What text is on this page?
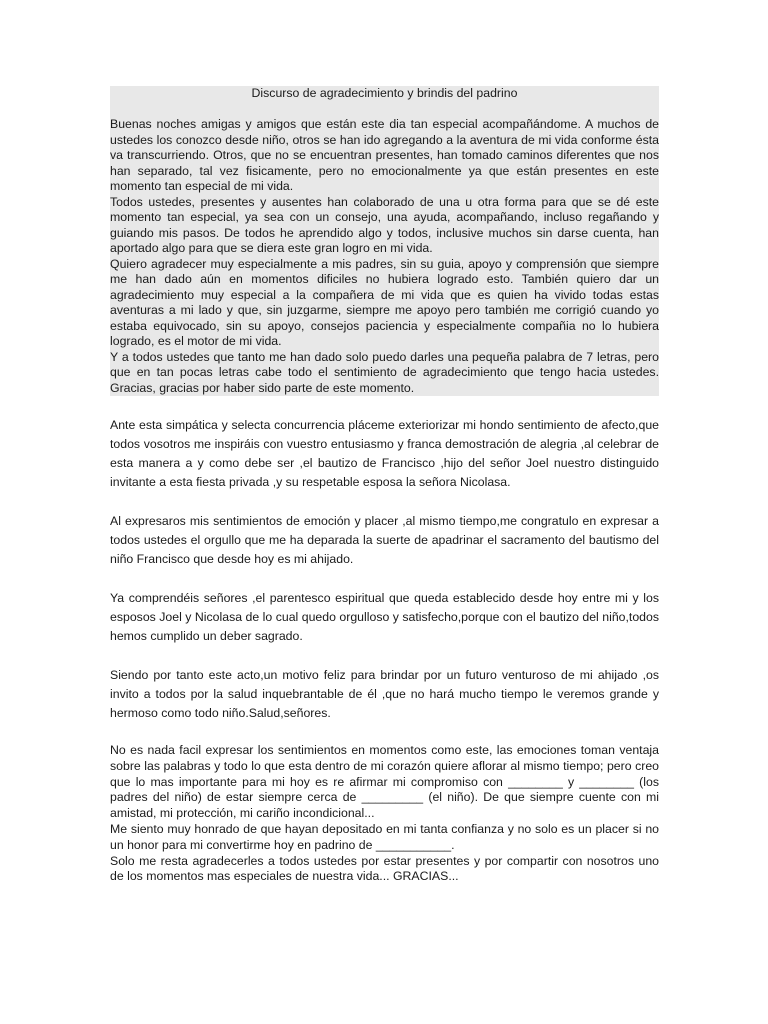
Discurso de agradecimiento y brindis del padrino

Buenas noches amigas y amigos que están este dia tan especial acompañándome. A muchos de ustedes los conozco desde niño, otros se han ido agregando a la aventura de mi vida conforme ésta va transcurriendo. Otros, que no se encuentran presentes, han tomado caminos diferentes que nos han separado, tal vez fisicamente, pero no emocionalmente ya que están presentes en este momento tan especial de mi vida.

Todos ustedes, presentes y ausentes han colaborado de una u otra forma para que se dé este momento tan especial, ya sea con un consejo, una ayuda, acompañando, incluso regañando y guiando mis pasos. De todos he aprendido algo y todos, inclusive muchos sin darse cuenta, han aportado algo para que se diera este gran logro en mi vida.

Quiero agradecer muy especialmente a mis padres, sin su guia, apoyo y comprensión que siempre me han dado aún en momentos dificiles no hubiera logrado esto. También quiero dar un agradecimiento muy especial a la compañera de mi vida que es quien ha vivido todas estas aventuras a mi lado y que, sin juzgarme, siempre me apoyo pero también me corrigió cuando yo estaba equivocado, sin su apoyo, consejos paciencia y especialmente compañia no lo hubiera logrado, es el motor de mi vida.

Y a todos ustedes que tanto me han dado solo puedo darles una pequeña palabra de 7 letras, pero que en tan pocas letras cabe todo el sentimiento de agradecimiento que tengo hacia ustedes. Gracias, gracias por haber sido parte de este momento.

Ante esta simpática y selecta concurrencia pláceme exteriorizar mi hondo sentimiento de afecto,que todos vosotros me inspiráis con vuestro entusiasmo y franca demostración de alegria ,al celebrar de esta manera a y como debe ser ,el bautizo de Francisco ,hijo del señor Joel nuestro distinguido invitante a esta fiesta privada ,y su respetable esposa la señora Nicolasa.

Al expresaros mis sentimientos de emoción y placer ,al mismo tiempo,me congratulo en expresar a todos ustedes el orgullo que me ha deparada la suerte de apadrinar el sacramento del bautismo del niño Francisco que desde hoy es mi ahijado.

Ya comprendéis señores ,el parentesco espiritual que queda establecido desde hoy entre mi y los esposos Joel y Nicolasa de lo cual quedo orgulloso y satisfecho,porque con el bautizo del niño,todos hemos cumplido un deber sagrado.

Siendo por tanto este acto,un motivo feliz para brindar por un futuro venturoso de mi ahijado ,os invito a todos por la salud inquebrantable de él ,que no hará mucho tiempo le veremos grande y hermoso como todo niño.Salud,señores.

No es nada facil expresar los sentimientos en momentos como este, las emociones toman ventaja sobre las palabras y todo lo que esta dentro de mi corazón quiere aflorar al mismo tiempo; pero creo que lo mas importante para mi hoy es re afirmar mi compromiso con ________ y ________ (los padres del niño) de estar siempre cerca de _________ (el niño). De que siempre cuente con mi amistad, mi protección, mi cariño incondicional...

Me siento muy honrado de que hayan depositado en mi tanta confianza y no solo es un placer si no un honor para mi convertirme hoy en padrino de ___________.

Solo me resta agradecerles a todos ustedes por estar presentes y por compartir con nosotros uno de los momentos mas especiales de nuestra vida... GRACIAS...
